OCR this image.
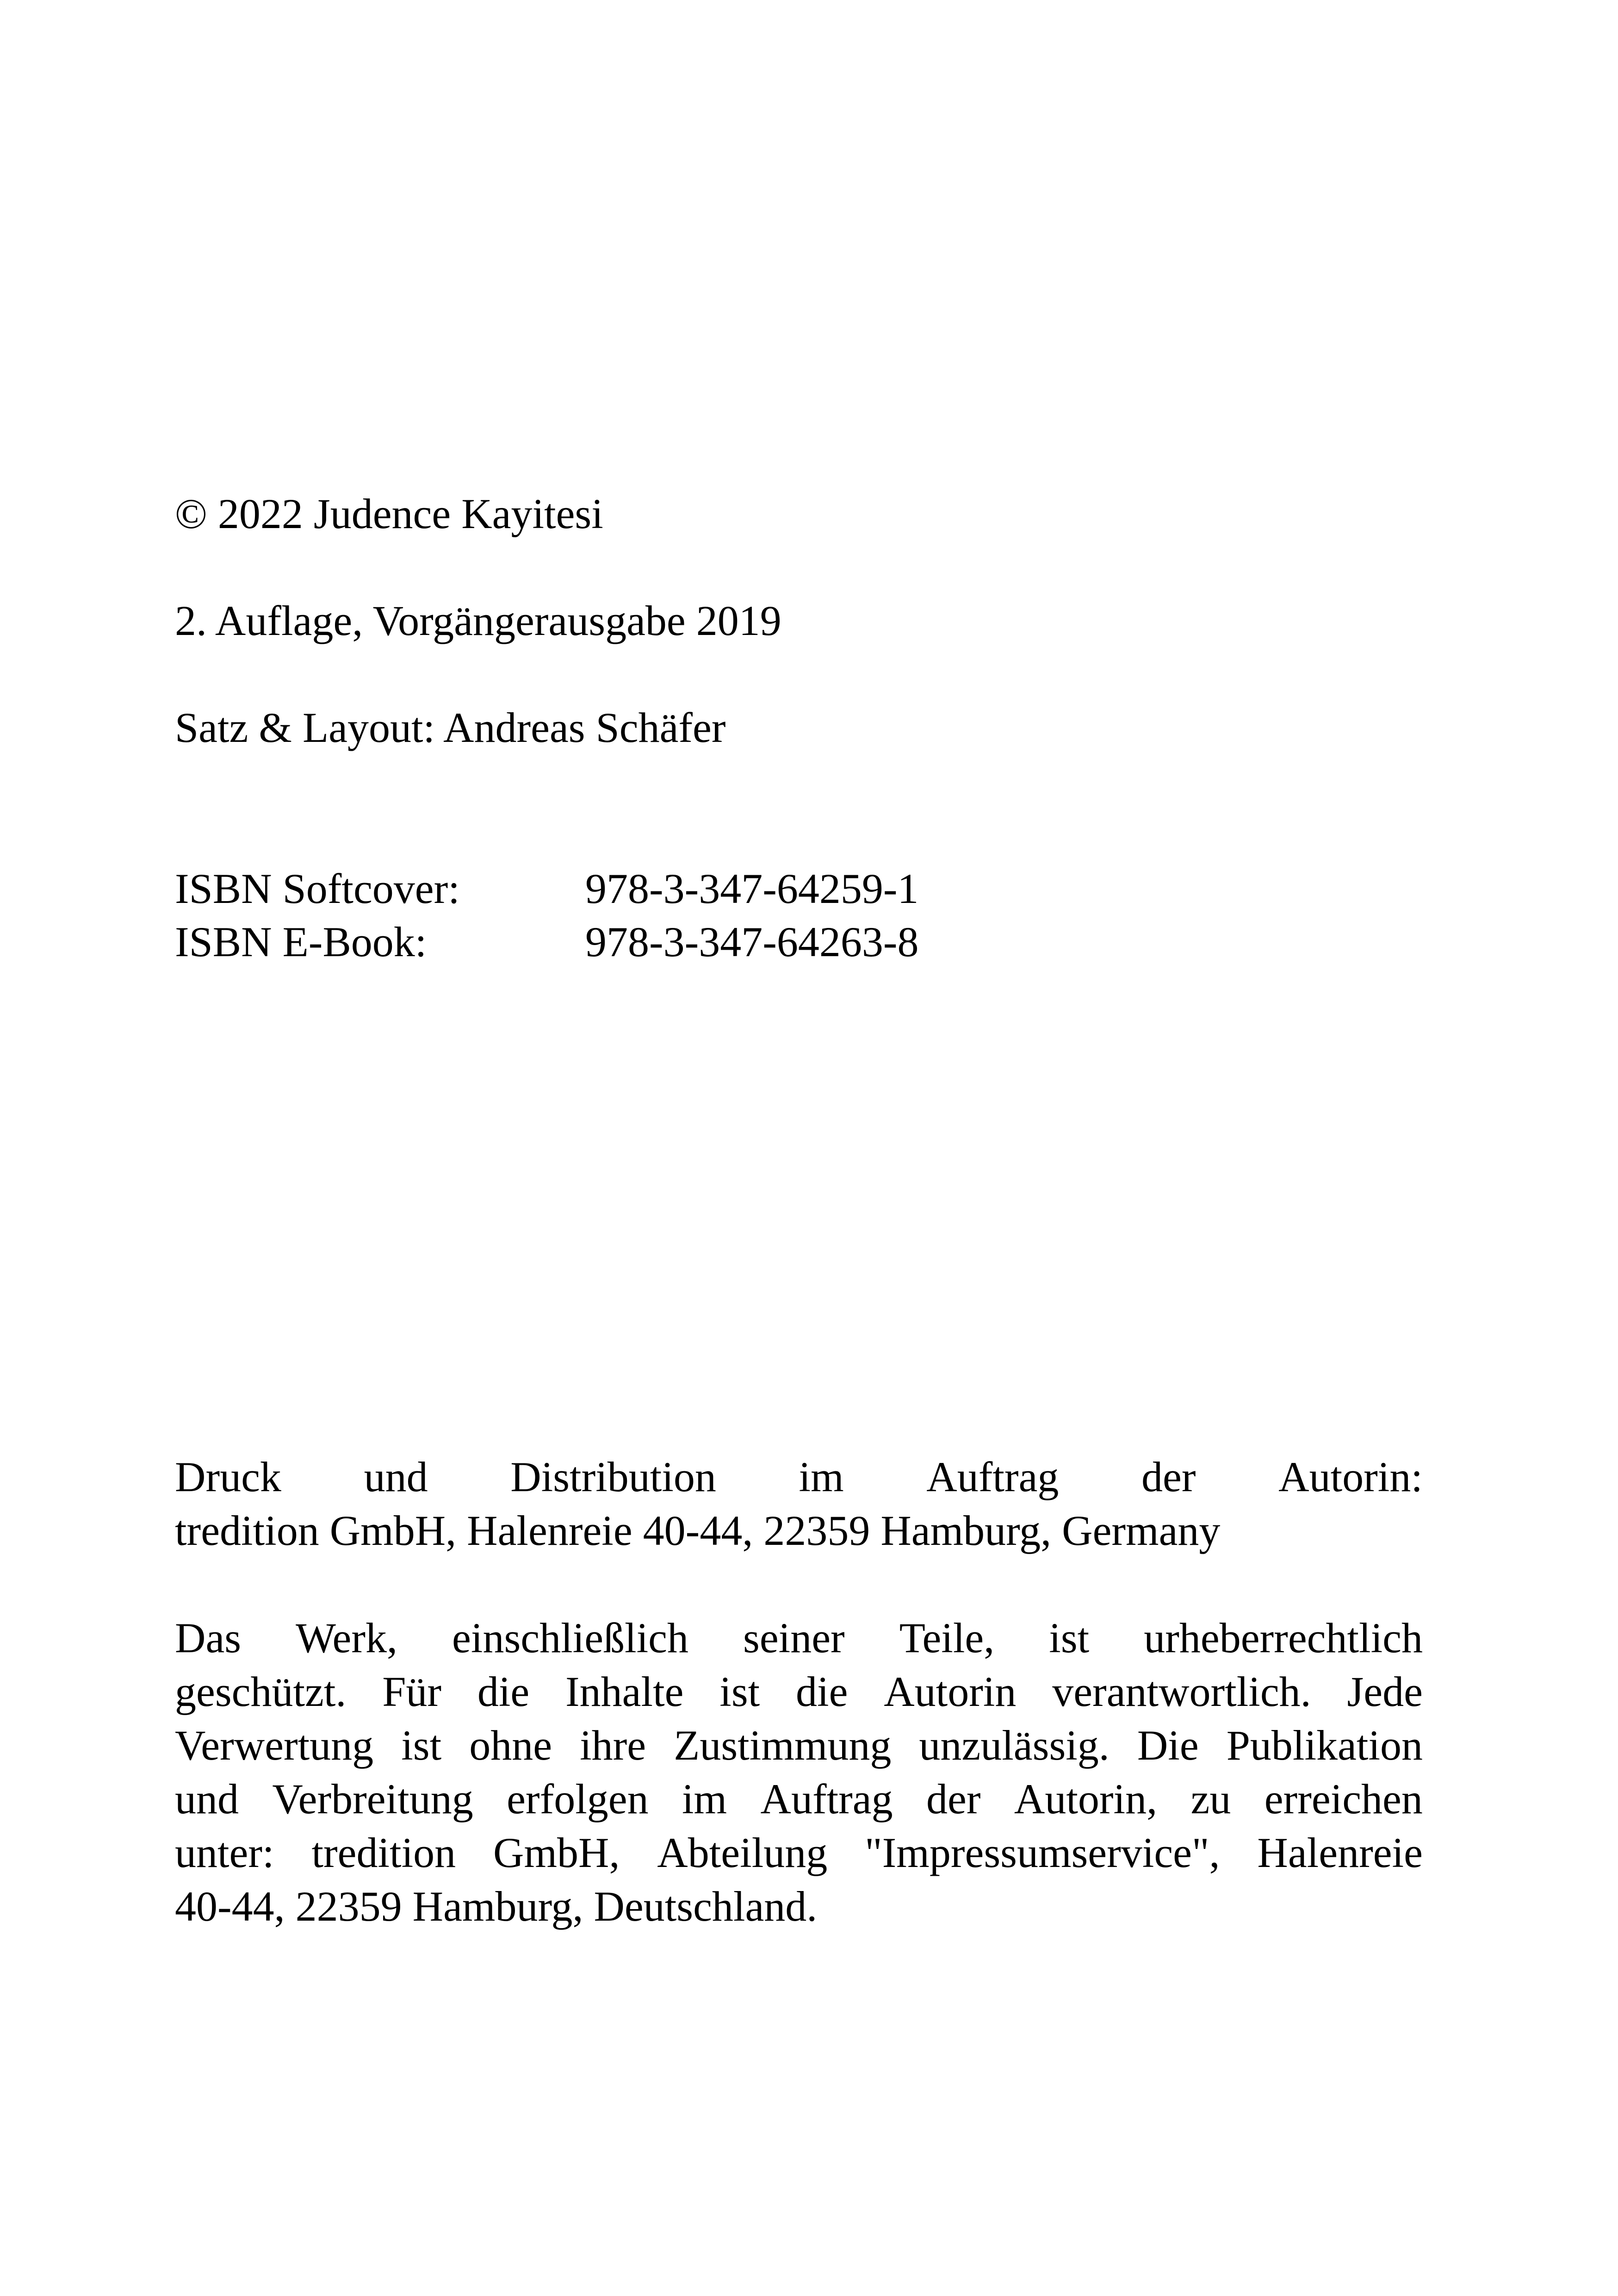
© 2022 Judence Kayitesi
2. Auflage, Vorgängerausgabe 2019
Satz & Layout: Andreas Schäfer
ISBN Softcover:	978-3-347-64259-1
ISBN E-Book:	978-3-347-64263-8
Druck und Distribution im Auftrag der Autorin:
tredition GmbH, Halenreie 40-44, 22359 Hamburg, Germany
Das Werk, einschließlich seiner Teile, ist urheberrechtlich
geschützt. Für die Inhalte ist die Autorin verantwortlich. Jede
Verwertung ist ohne ihre Zustimmung unzulässig. Die Publikation
und Verbreitung erfolgen im Auftrag der Autorin, zu erreichen
unter: tredition GmbH, Abteilung "Impressumservice", Halenreie
40-44, 22359 Hamburg, Deutschland.
